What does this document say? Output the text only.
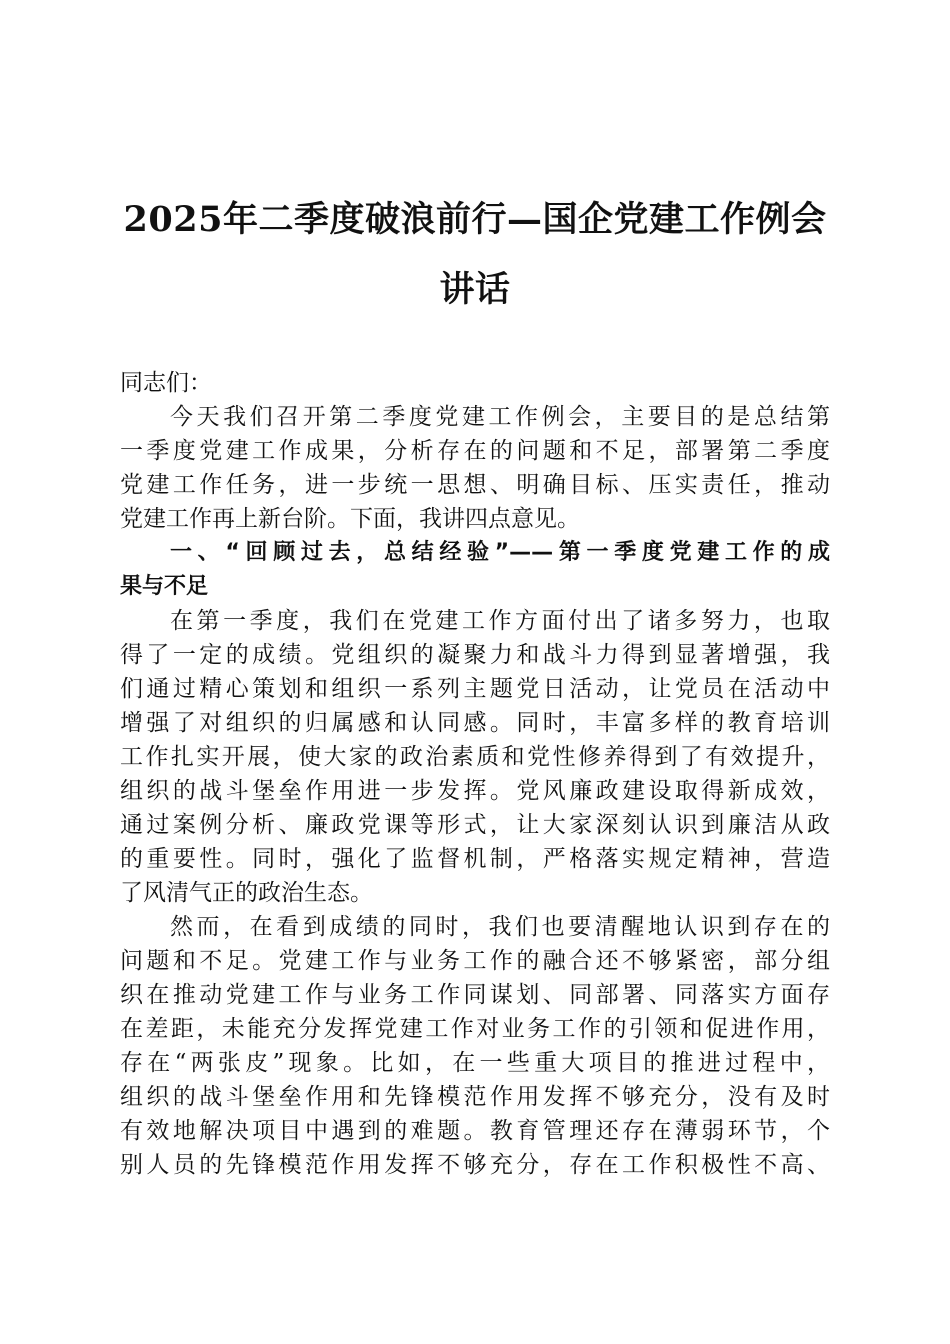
2025年二季度破浪前行—国企党建工作例会
讲话
同志们：
今天我们召开第二季度党建工作例会，主要目的是总结第
一季度党建工作成果，分析存在的问题和不足，部署第二季度
党建工作任务，进一步统一思想、明确目标、压实责任，推动
党建工作再上新台阶。下面，我讲四点意见。
一、“回顾过去，总结经验”——第一季度党建工作的成
果与不足
在第一季度，我们在党建工作方面付出了诸多努力，也取
得了一定的成绩。党组织的凝聚力和战斗力得到显著增强，我
们通过精心策划和组织一系列主题党日活动，让党员在活动中
增强了对组织的归属感和认同感。同时，丰富多样的教育培训
工作扎实开展，使大家的政治素质和党性修养得到了有效提升，
组织的战斗堡垒作用进一步发挥。党风廉政建设取得新成效，
通过案例分析、廉政党课等形式，让大家深刻认识到廉洁从政
的重要性。同时，强化了监督机制，严格落实规定精神，营造
了风清气正的政治生态。
然而，在看到成绩的同时，我们也要清醒地认识到存在的
问题和不足。党建工作与业务工作的融合还不够紧密，部分组
织在推动党建工作与业务工作同谋划、同部署、同落实方面存
在差距，未能充分发挥党建工作对业务工作的引领和促进作用，
存在“两张皮”现象。比如，在一些重大项目的推进过程中，
组织的战斗堡垒作用和先锋模范作用发挥不够充分，没有及时
有效地解决项目中遇到的难题。教育管理还存在薄弱环节，个
别人员的先锋模范作用发挥不够充分，存在工作积极性不高、
